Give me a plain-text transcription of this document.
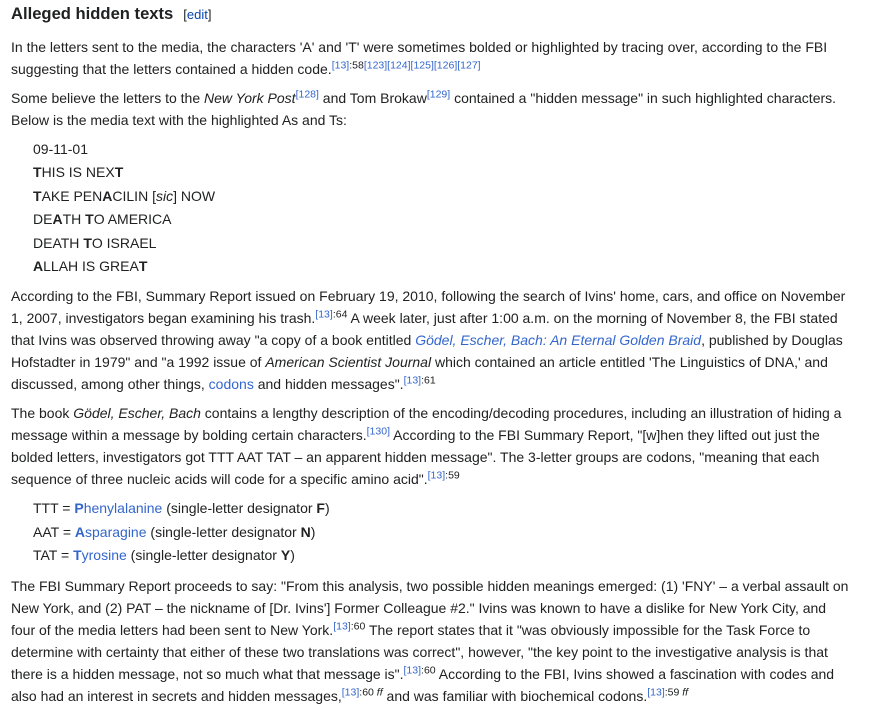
Alleged hidden texts [edit]

In the letters sent to the media, the characters 'A' and 'T' were sometimes bolded or highlighted by tracing over, according to the FBI suggesting that the letters contained a hidden code.[13]:58[123][124][125][126][127]

Some believe the letters to the New York Post[128] and Tom Brokaw[129] contained a "hidden message" in such highlighted characters. Below is the media text with the highlighted As and Ts:

09-11-01
THIS IS NEXT
TAKE PENACILIN [sic] NOW
DEATH TO AMERICA
DEATH TO ISRAEL
ALLAH IS GREAT

According to the FBI, Summary Report issued on February 19, 2010, following the search of Ivins' home, cars, and office on November 1, 2007, investigators began examining his trash.$^{[13]:64}$ A week later, just after 1:00 a.m. on the morning of November 8, the FBI stated that Ivins was observed throwing away "a copy of a book entitled Gödel, Escher, Bach: An Eternal Golden Braid, published by Douglas Hofstadter in 1979" and "a 1992 issue of American Scientist Journal which contained an article entitled 'The Linguistics of DNA,' and discussed, among other things, codons and hidden messages".$^{[13]:61}$

The book Gödel, Escher, Bach contains a lengthy description of the encoding/decoding procedures, including an illustration of hiding a message within a message by bolding certain characters.[130] According to the FBI Summary Report, "[w]hen they lifted out just the bolded letters, investigators got TTT AAT TAT – an apparent hidden message". The 3-letter groups are codons, "meaning that each sequence of three nucleic acids will code for a specific amino acid".$^{[13]:59}$

TTT = Phenylalanine (single-letter designator F)
AAT = Asparagine (single-letter designator N)
TAT = Tyrosine (single-letter designator Y)

The FBI Summary Report proceeds to say: "From this analysis, two possible hidden meanings emerged: (1) 'FNY' – a verbal assault on New York, and (2) PAT – the nickname of [Dr. Ivins'] Former Colleague #2." Ivins was known to have a dislike for New York City, and four of the media letters had been sent to New York.$^{[13]:60}$ The report states that it "was obviously impossible for the Task Force to determine with certainty that either of these two translations was correct", however, "the key point to the investigative analysis is that there is a hidden message, not so much what that message is".$^{[13]:60}$ According to the FBI, Ivins showed a fascination with codes and also had an interest in secrets and hidden messages,$^{[13]:60 ff}$ and was familiar with biochemical codons.$^{[13]:59 ff}$
